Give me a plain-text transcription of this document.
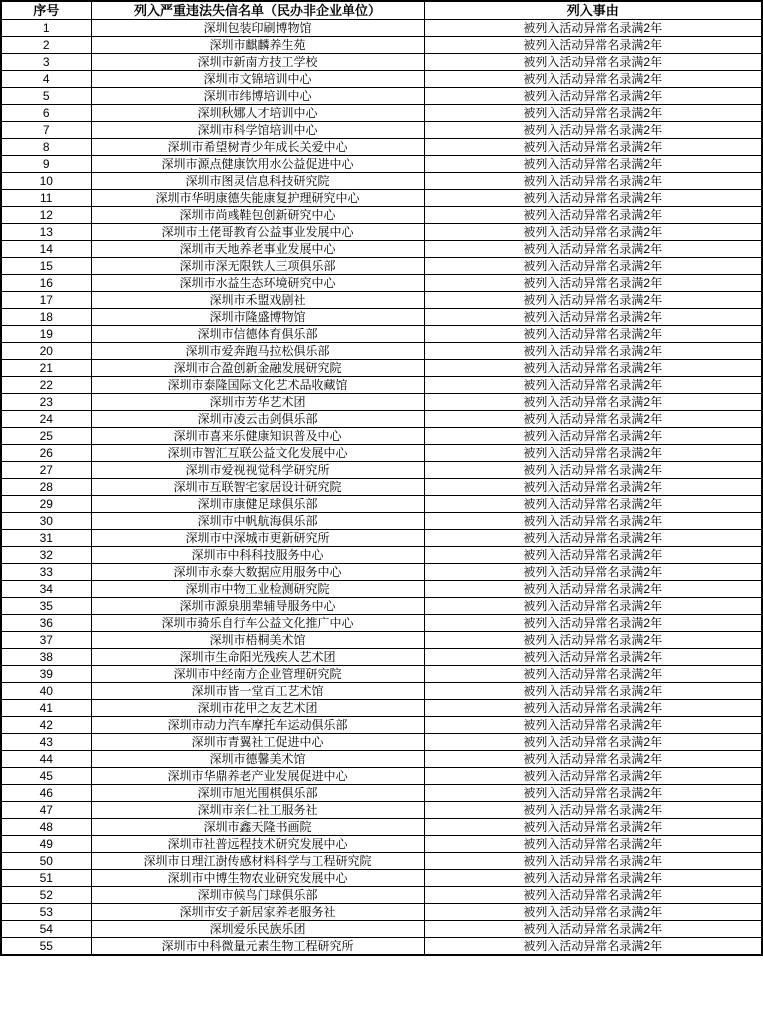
序号	列入严重违法失信名单（民办非企业单位）	列入事由
1	深圳包装印刷博物馆	被列入活动异常名录满2年
2	深圳市麒麟养生苑	被列入活动异常名录满2年
3	深圳市新南方技工学校	被列入活动异常名录满2年
4	深圳市文锦培训中心	被列入活动异常名录满2年
5	深圳市纬博培训中心	被列入活动异常名录满2年
6	深圳秋娜人才培训中心	被列入活动异常名录满2年
7	深圳市科学馆培训中心	被列入活动异常名录满2年
8	深圳市希望树青少年成长关爱中心	被列入活动异常名录满2年
9	深圳市源点健康饮用水公益促进中心	被列入活动异常名录满2年
10	深圳市图灵信息科技研究院	被列入活动异常名录满2年
11	深圳市华明康德失能康复护理研究中心	被列入活动异常名录满2年
12	深圳市尚彧鞋包创新研究中心	被列入活动异常名录满2年
13	深圳市土佬哥教育公益事业发展中心	被列入活动异常名录满2年
14	深圳市天地养老事业发展中心	被列入活动异常名录满2年
15	深圳市深无限铁人三项俱乐部	被列入活动异常名录满2年
16	深圳市水益生态环境研究中心	被列入活动异常名录满2年
17	深圳市禾盟戏剧社	被列入活动异常名录满2年
18	深圳市隆盛博物馆	被列入活动异常名录满2年
19	深圳市信德体育俱乐部	被列入活动异常名录满2年
20	深圳市爱奔跑马拉松俱乐部	被列入活动异常名录满2年
21	深圳市合盈创新金融发展研究院	被列入活动异常名录满2年
22	深圳市泰隆国际文化艺术品收藏馆	被列入活动异常名录满2年
23	深圳市芳华艺术团	被列入活动异常名录满2年
24	深圳市凌云击剑俱乐部	被列入活动异常名录满2年
25	深圳市喜来乐健康知识普及中心	被列入活动异常名录满2年
26	深圳市智汇互联公益文化发展中心	被列入活动异常名录满2年
27	深圳市爱视视觉科学研究所	被列入活动异常名录满2年
28	深圳市互联智宅家居设计研究院	被列入活动异常名录满2年
29	深圳市康健足球俱乐部	被列入活动异常名录满2年
30	深圳市中帆航海俱乐部	被列入活动异常名录满2年
31	深圳市中深城市更新研究所	被列入活动异常名录满2年
32	深圳市中科科技服务中心	被列入活动异常名录满2年
33	深圳市永泰大数据应用服务中心	被列入活动异常名录满2年
34	深圳市中物工业检测研究院	被列入活动异常名录满2年
35	深圳市源泉朋辈辅导服务中心	被列入活动异常名录满2年
36	深圳市骑乐自行车公益文化推广中心	被列入活动异常名录满2年
37	深圳市梧桐美术馆	被列入活动异常名录满2年
38	深圳市生命阳光残疾人艺术团	被列入活动异常名录满2年
39	深圳市中经南方企业管理研究院	被列入活动异常名录满2年
40	深圳市皆一堂百工艺术馆	被列入活动异常名录满2年
41	深圳市花甲之友艺术团	被列入活动异常名录满2年
42	深圳市动力汽车摩托车运动俱乐部	被列入活动异常名录满2年
43	深圳市青翼社工促进中心	被列入活动异常名录满2年
44	深圳市德馨美术馆	被列入活动异常名录满2年
45	深圳市华鼎养老产业发展促进中心	被列入活动异常名录满2年
46	深圳市旭光围棋俱乐部	被列入活动异常名录满2年
47	深圳市亲仁社工服务社	被列入活动异常名录满2年
48	深圳市鑫天隆书画院	被列入活动异常名录满2年
49	深圳市社普远程技术研究发展中心	被列入活动异常名录满2年
50	深圳市日理江澍传感材料科学与工程研究院	被列入活动异常名录满2年
51	深圳市中博生物农业研究发展中心	被列入活动异常名录满2年
52	深圳市候鸟门球俱乐部	被列入活动异常名录满2年
53	深圳市安子新居家养老服务社	被列入活动异常名录满2年
54	深圳爱乐民族乐团	被列入活动异常名录满2年
55	深圳市中科微量元素生物工程研究所	被列入活动异常名录满2年
